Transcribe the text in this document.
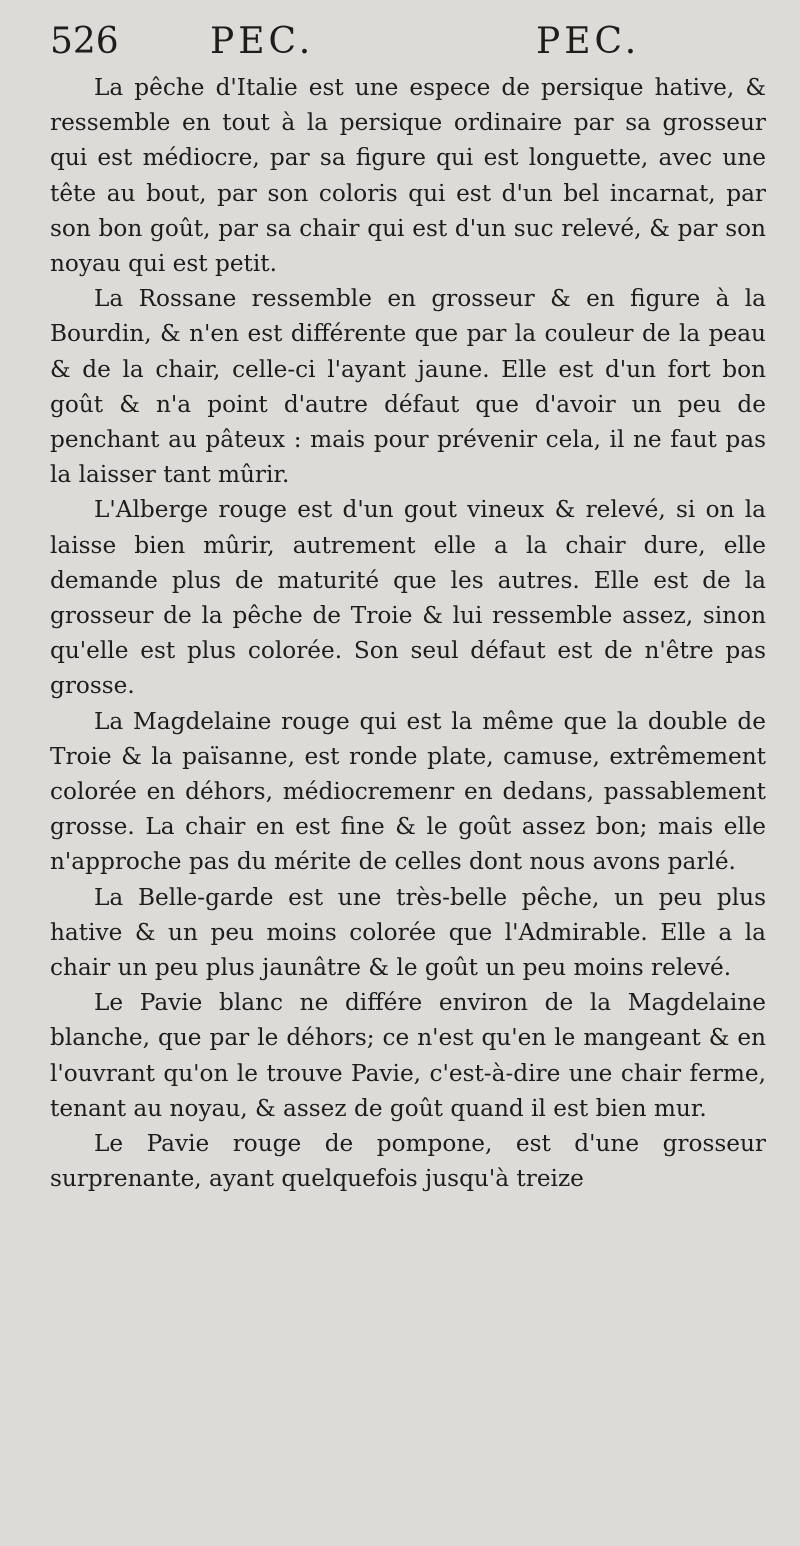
526	PEC.	PEC.

La pêche d'Italie est une espece de persique hative, & ressemble en tout à la persique ordinaire par sa grosseur qui est médiocre, par sa figure qui est longuette, avec une tête au bout, par son coloris qui est d'un bel incarnat, par son bon goût, par sa chair qui est d'un suc relevé, & par son noyau qui est petit.

La Rossane ressemble en grosseur & en figure à la Bourdin, & n'en est différente que par la couleur de la peau & de la chair, celle-ci l'ayant jaune. Elle est d'un fort bon goût & n'a point d'autre défaut que d'avoir un peu de penchant au pâteux : mais pour prévenir cela, il ne faut pas la laisser tant mûrir.

L'Alberge rouge est d'un gout vineux & relevé, si on la laisse bien mûrir, autrement elle a la chair dure, elle demande plus de maturité que les autres. Elle est de la grosseur de la pêche de Troie & lui ressemble assez, sinon qu'elle est plus colorée. Son seul défaut est de n'être pas grosse.

La Magdelaine rouge qui est la même que la double de Troie & la païsanne, est ronde plate, camuse, extrêmement colorée en déhors, médiocremenr en dedans, passablement grosse. La chair en est fine & le goût assez bon; mais elle n'approche pas du mérite de celles dont nous avons parlé.

La Belle-garde est une très-belle pêche, un peu plus hative & un peu moins colorée que l'Admirable. Elle a la chair un peu plus jaunâtre & le goût un peu moins relevé.

Le Pavie blanc ne différe environ de la Magdelaine blanche, que par le déhors; ce n'est qu'en le mangeant & en l'ouvrant qu'on le trouve Pavie, c'est-à-dire une chair ferme, tenant au noyau, & assez de goût quand il est bien mur.

Le Pavie rouge de pompone, est d'une grosseur surprenante, ayant quelquefois jusqu'à treize
